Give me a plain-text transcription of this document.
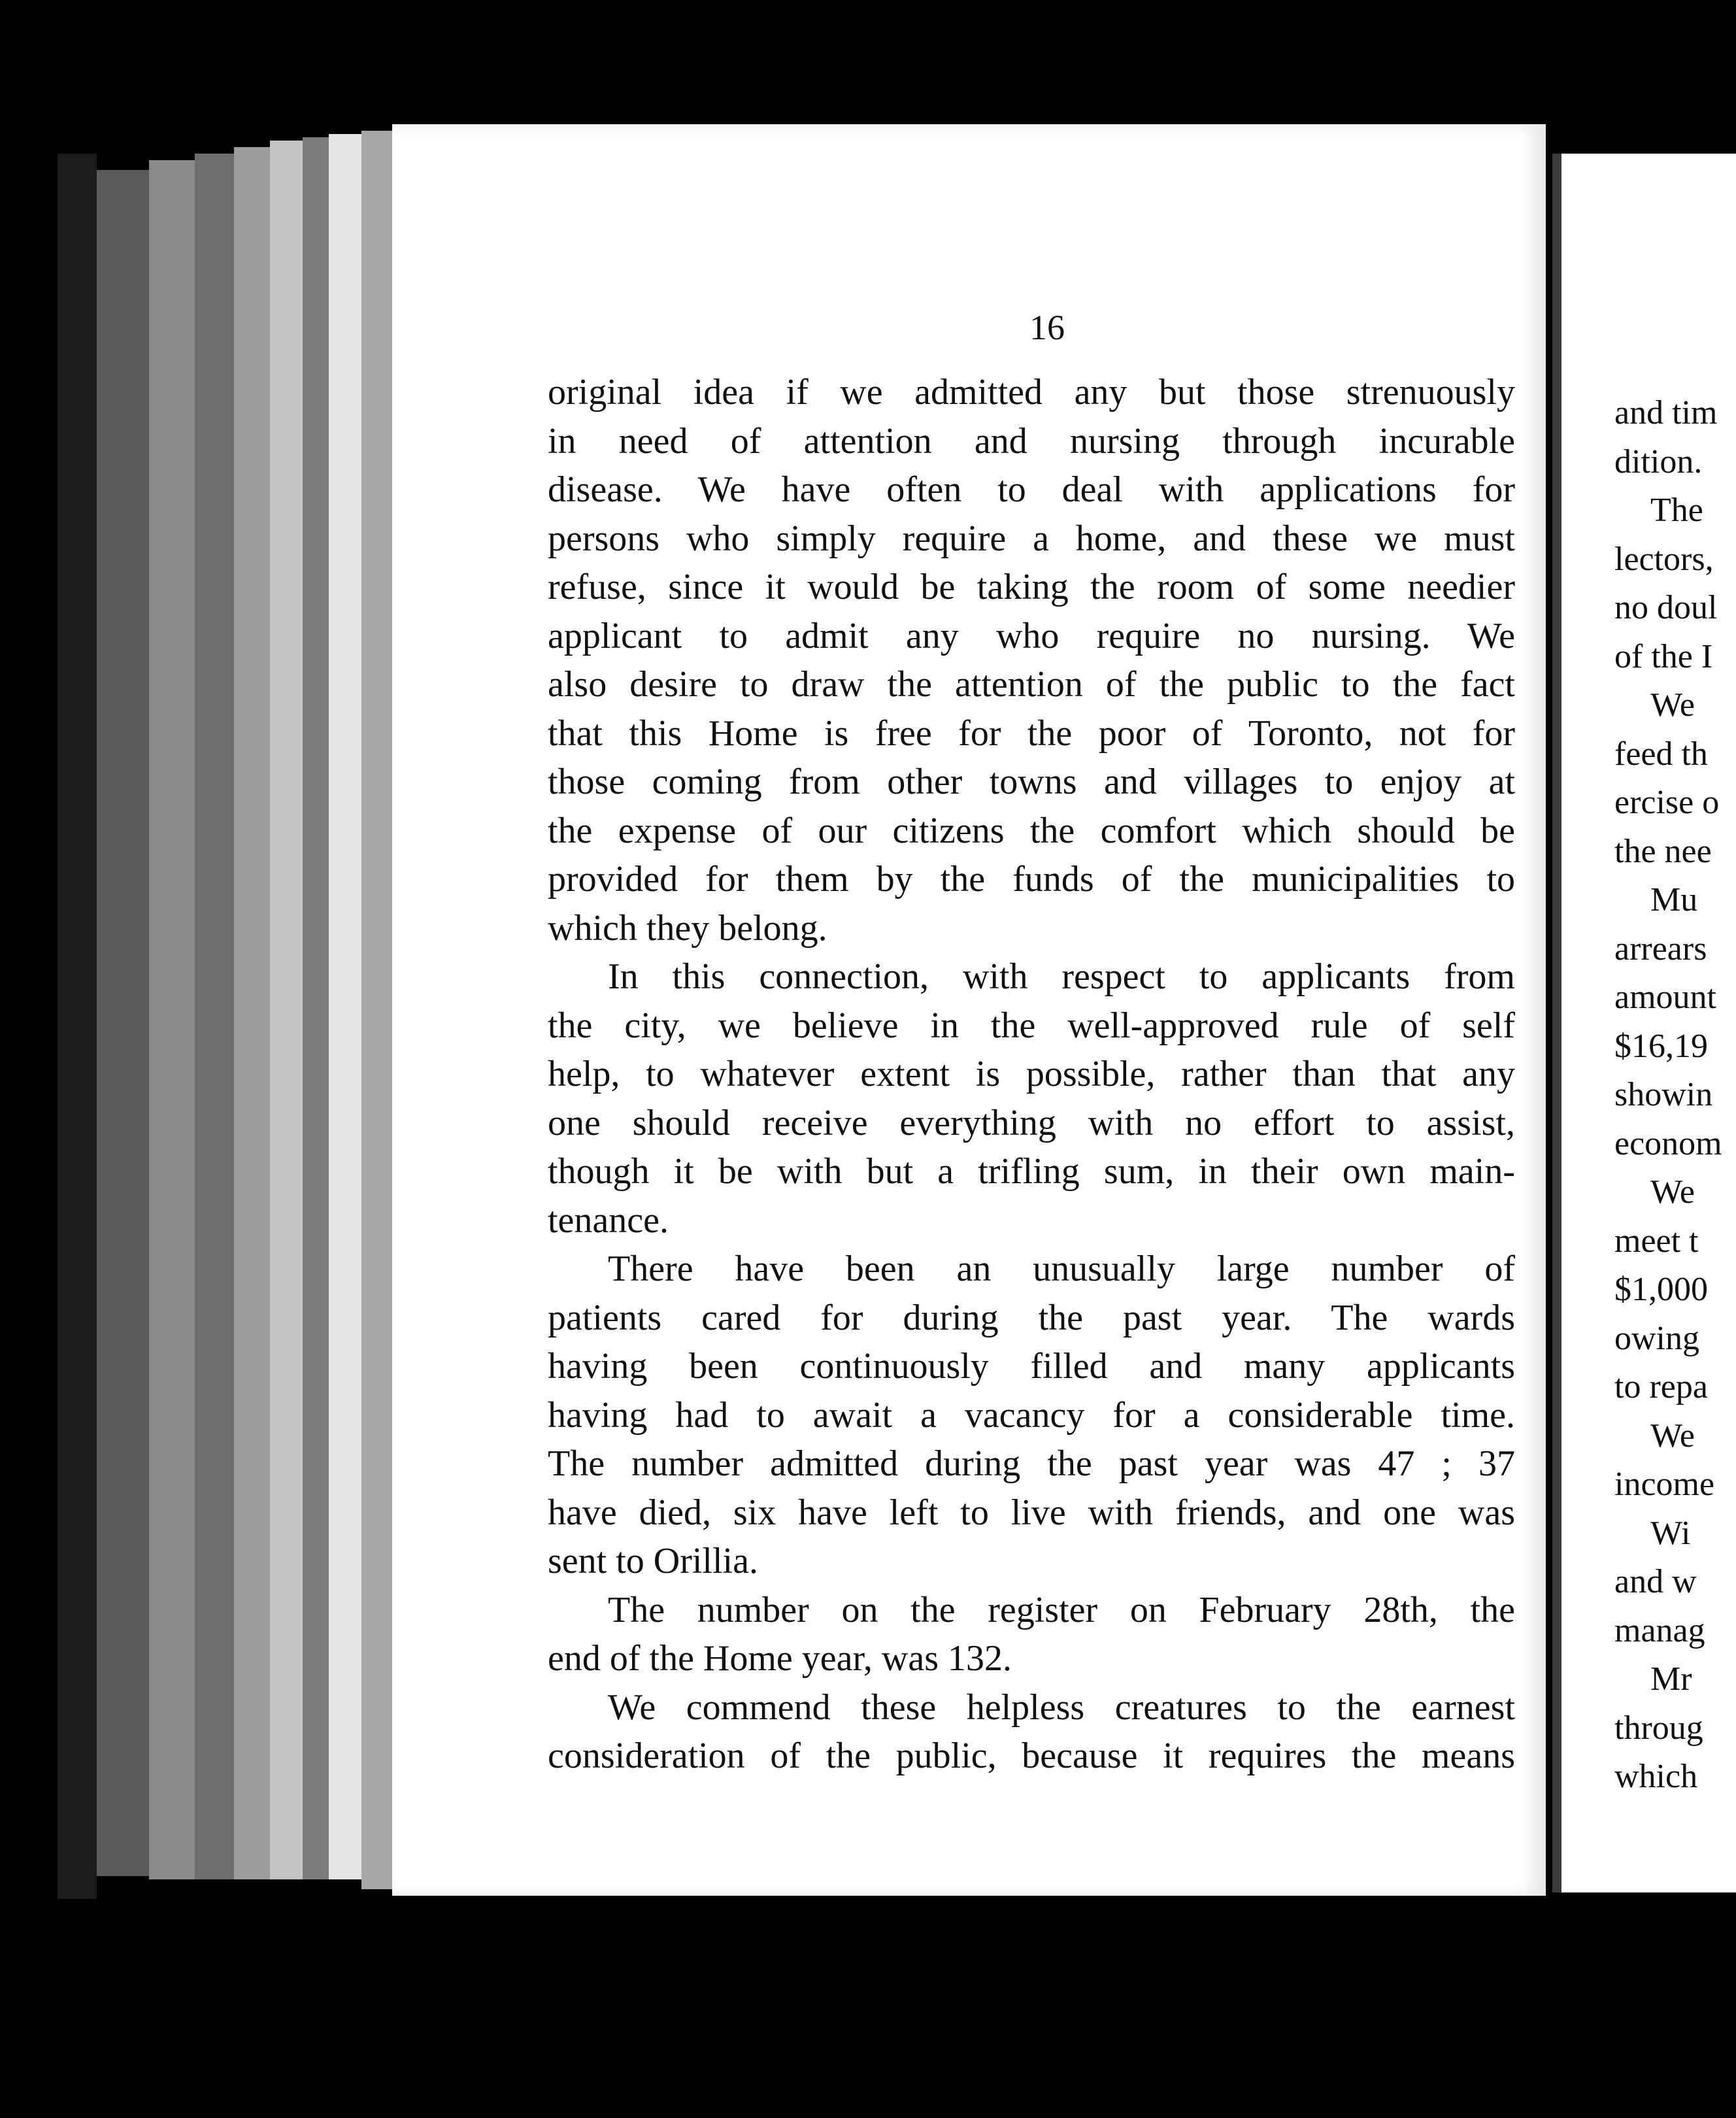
16
original idea if we admitted any but those strenuously
in need of attention and nursing through incurable
disease. We have often to deal with applications for
persons who simply require a home, and these we must
refuse, since it would be taking the room of some needier
applicant to admit any who require no nursing. We
also desire to draw the attention of the public to the fact
that this Home is free for the poor of Toronto, not for
those coming from other towns and villages to enjoy at
the expense of our citizens the comfort which should be
provided for them by the funds of the municipalities to
which they belong.
In this connection, with respect to applicants from
the city, we believe in the well-approved rule of self
help, to whatever extent is possible, rather than that any
one should receive everything with no effort to assist,
though it be with but a trifling sum, in their own main-
tenance.
There have been an unusually large number of
patients cared for during the past year. The wards
having been continuously filled and many applicants
having had to await a vacancy for a considerable time.
The number admitted during the past year was 47 ; 37
have died, six have left to live with friends, and one was
sent to Orillia.
The number on the register on February 28th, the
end of the Home year, was 132.
We commend these helpless creatures to the earnest
consideration of the public, because it requires the means
and tim
dition.
The
lectors,
no doul
of the I
We
feed th
ercise o
the nee
Mu
arrears
amount
$16,19
showin
econom
We
meet t
$1,000
owing
to repa
We
income
Wi
and w
manag
Mr
throug
which
